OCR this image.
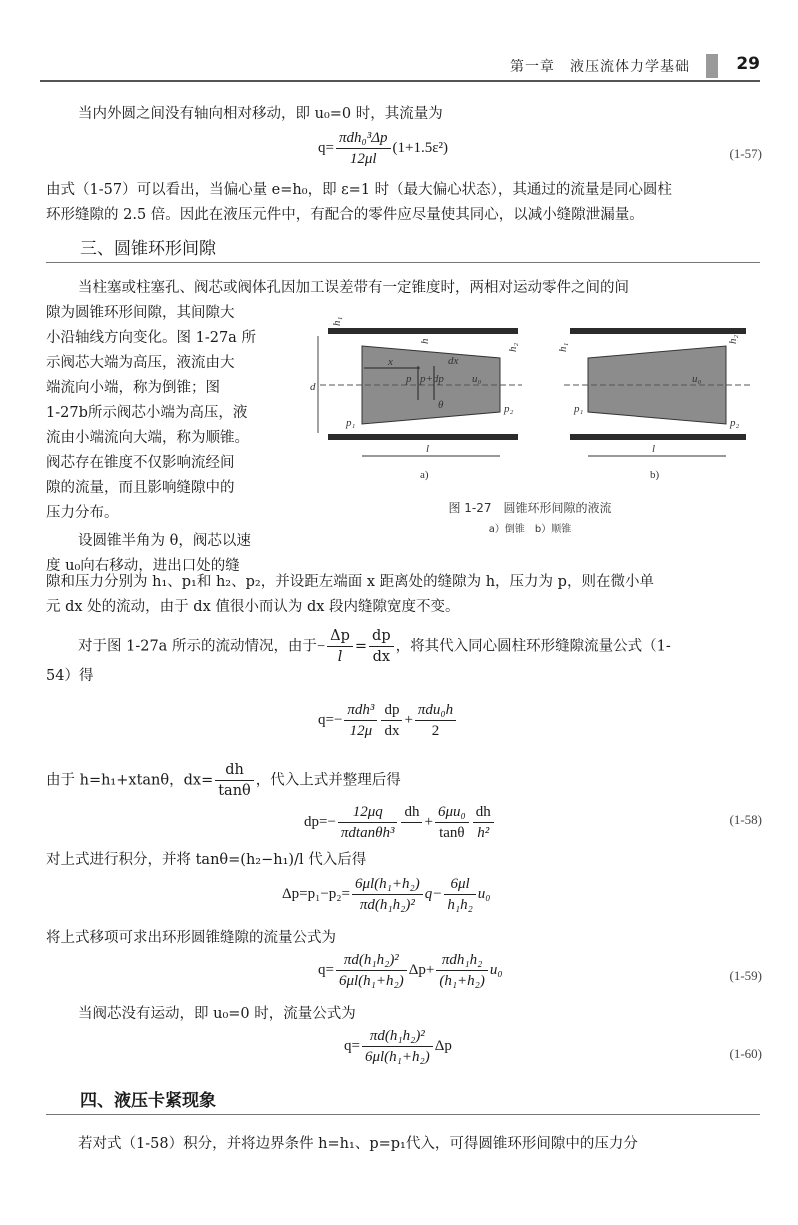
第一章　液压流体力学基础	29
当内外圆之间没有轴向相对移动，即 u₀=0 时，其流量为
$q= \frac{\text{πdh₀³Δp}}{12\mu l} (1+1.5\varepsilon^2)$	(1-57)
由式（1-57）可以看出，当偏心量 e=h₀，即 ε=1 时（最大偏心状态），其通过的流量是同心圆柱
环形缝隙的 2.5 倍。因此在液压元件中，有配合的零件应尽量使其同心，以减小缝隙泄漏量。
三、圆锥环形间隙
当柱塞或柱塞孔、阀芯或阀体孔因加工误差带有一定锥度时，两相对运动零件之间的间
隙为圆锥环形间隙，其间隙大
小沿轴线方向变化。图 1-27a 所
示阀芯大端为高压，液流由大
端流向小端，称为倒锥；图
1-27b所示阀芯小端为高压，液
流由小端流向大端，称为顺锥。
阀芯存在锥度不仅影响流经间
隙的流量，而且影响缝隙中的
压力分布。
设圆锥半角为 θ，阀芯以速
度 u₀向右移动，进出口处的缝
d
h₁
h
h₂
x	dx
p p+dp	u₀
θ
p₁
p₂
l
a)
h₁
h₂
u₀
p₁
p₂
l
b)
图 1-27　圆锥环形间隙的液流
a）倒锥　b）顺锥
隙和压力分别为 h₁、p₁和 h₂、p₂，并设距左端面 x 距离处的缝隙为 h，压力为 p，则在微小单
元 dx 处的流动，由于 dx 值很小而认为 dx 段内缝隙宽度不变。
对于图 1-27a 所示的流动情况，由于− $\frac{\Delta p}{l} = \frac{dp}{dx}$ ，将其代入同心圆柱环形缝隙流量公式（1-
54）得
$q=- \frac{\text{πdh³}}{12\mu} \frac{dp}{dx} + \frac{\text{πdu₀h}}{2}$
由于 h=h₁+xtanθ，$dx= \frac{dh}{\tan\theta}$ ，代入上式并整理后得
$dp=- \frac{12\mu q}{\text{πdtanθh³}}$ dh

+ $\frac{\text{6μu₀}}{\tan\theta} \frac{dh}{\text{h²}}$	(1-58)
对上式进行积分，并将 tanθ=(h₂−h₁)/l 代入后得
$\Delta p=p_1-p_2= \frac{\text{6μl(h₁+h₂)}}{\text{πd(h₁h₂)²}} q- \frac{6\mu l}{\text{h₁h₂}} u_0$
将上式移项可求出环形圆锥缝隙的流量公式为
$q= \frac{\text{πd(h₁h₂)²}}{\text{6μl(h₁+h₂)}} \Delta p+ \frac{\text{πdh₁h₂}}{\text{(h₁+h₂)}} u_0$	(1-59)
当阀芯没有运动，即 u₀=0 时，流量公式为
$q= \frac{\text{πd(h₁h₂)²}}{\text{6μl(h₁+h₂)}}$ Δp	(1-60)
四、液压卡紧现象
若对式（1-58）积分，并将边界条件 h=h₁、p=p₁代入，可得圆锥环形间隙中的压力分
